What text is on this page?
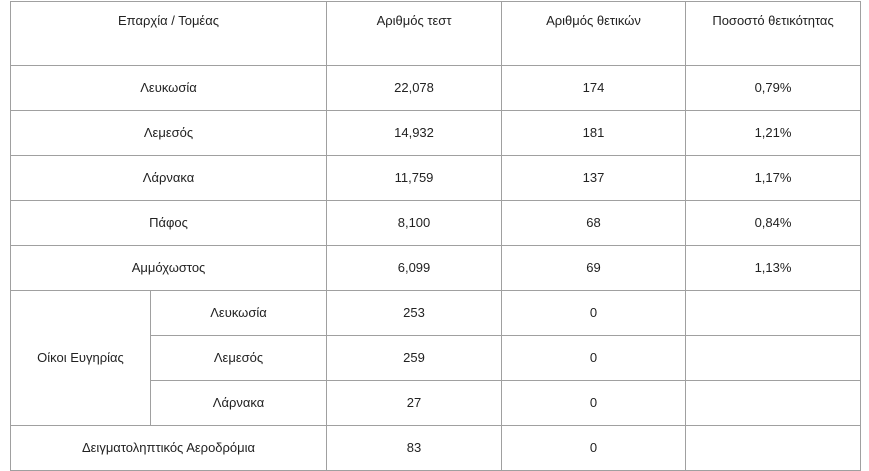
Επαρχία / Τομέας		Αριθμός τεστ	Αριθμός θετικών	Ποσοστό θετικότητας
Λευκωσία		22,078	174	0,79%
Λεμεσός		14,932	181	1,21%
Λάρνακα		11,759	137	1,17%
Πάφος		8,100	68	0,84%
Αμμόχωστος		6,099	69	1,13%
Οίκοι Ευγηρίας	Λευκωσία	253	0	
	Λεμεσός	259	0	
	Λάρνακα	27	0	
Δειγματοληπτικός Αεροδρόμια		83	0	
